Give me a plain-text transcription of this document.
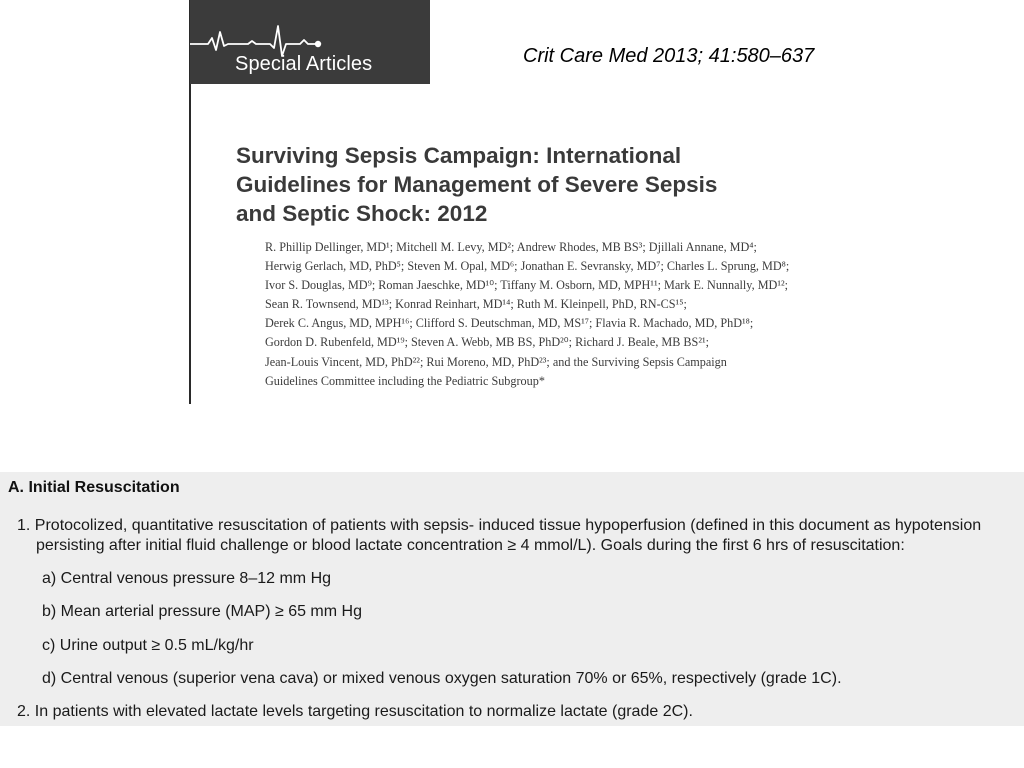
Special Articles	Crit Care Med 2013; 41:580–637
Surviving Sepsis Campaign: International
Guidelines for Management of Severe Sepsis
and Septic Shock: 2012
R. Phillip Dellinger, MD¹; Mitchell M. Levy, MD²; Andrew Rhodes, MB BS³; Djillali Annane, MD⁴;
Herwig Gerlach, MD, PhD⁵; Steven M. Opal, MD⁶; Jonathan E. Sevransky, MD⁷; Charles L. Sprung, MD⁸;
Ivor S. Douglas, MD⁹; Roman Jaeschke, MD¹⁰; Tiffany M. Osborn, MD, MPH¹¹; Mark E. Nunnally, MD¹²;
Sean R. Townsend, MD¹³; Konrad Reinhart, MD¹⁴; Ruth M. Kleinpell, PhD, RN-CS¹⁵;
Derek C. Angus, MD, MPH¹⁶; Clifford S. Deutschman, MD, MS¹⁷; Flavia R. Machado, MD, PhD¹⁸;
Gordon D. Rubenfeld, MD¹⁹; Steven A. Webb, MB BS, PhD²⁰; Richard J. Beale, MB BS²¹;
Jean-Louis Vincent, MD, PhD²²; Rui Moreno, MD, PhD²³; and the Surviving Sepsis Campaign
Guidelines Committee including the Pediatric Subgroup*
A. Initial Resuscitation
1. Protocolized, quantitative resuscitation of patients with sepsis- induced tissue hypoperfusion (defined in this document as hypotension
persisting after initial fluid challenge or blood lactate concentration ≥ 4 mmol/L). Goals during the first 6 hrs of resuscitation:
a) Central venous pressure 8–12 mm Hg
b) Mean arterial pressure (MAP) ≥ 65 mm Hg
c) Urine output ≥ 0.5 mL/kg/hr
d) Central venous (superior vena cava) or mixed venous oxygen saturation 70% or 65%, respectively (grade 1C).
2. In patients with elevated lactate levels targeting resuscitation to normalize lactate (grade 2C).
